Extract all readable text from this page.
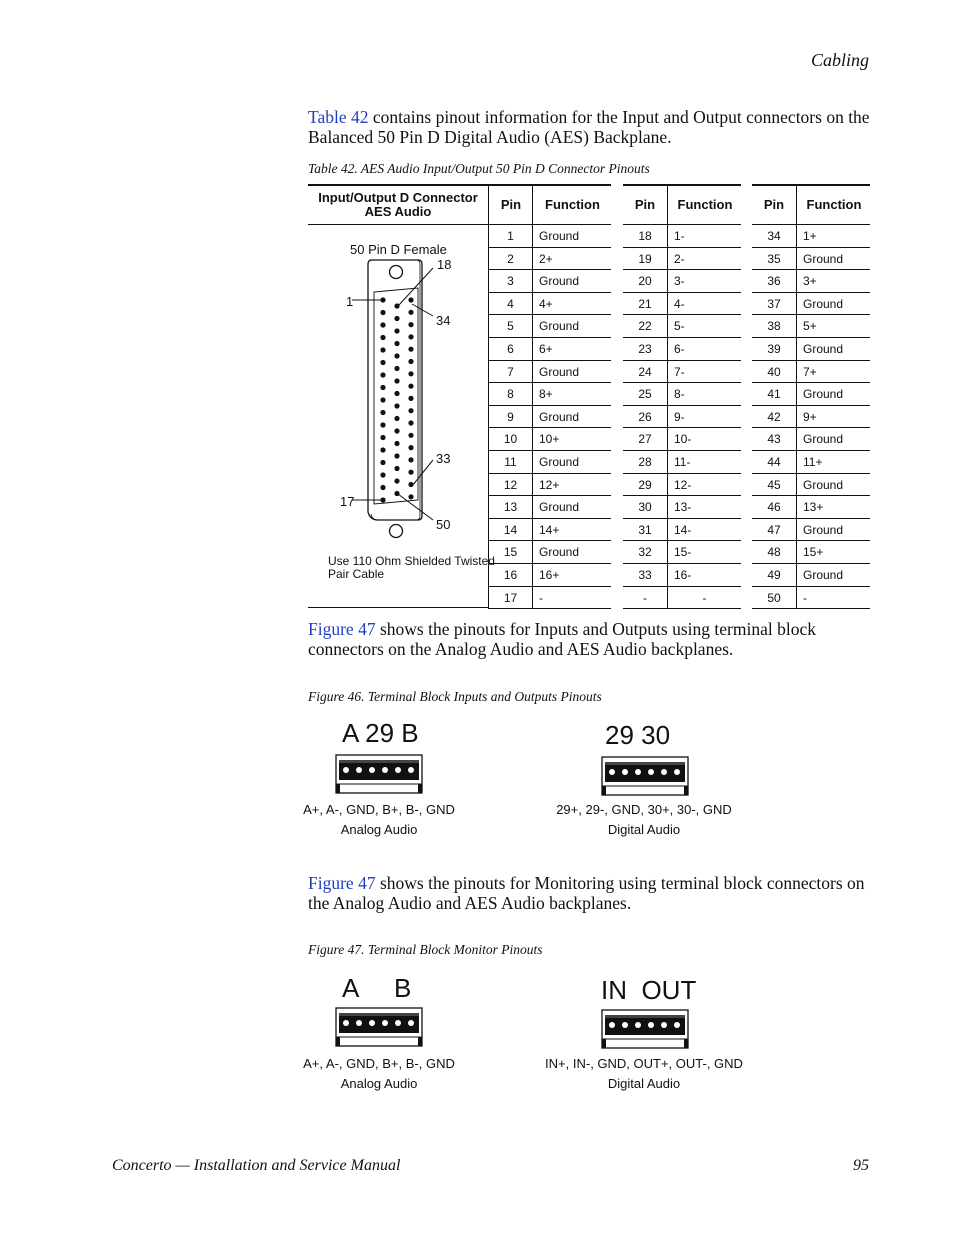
Cabling
Table 42 contains pinout information for the Input and Output connectors on the Balanced 50 Pin D Digital Audio (AES) Backplane.
Table 42. AES Audio Input/Output 50 Pin D Connector Pinouts
Input/Output D Connector
AES Audio	Pin	Function	Pin	Function	Pin	Function
1	Ground	18	1-	34	1+
2	2+	19	2-	35	Ground
3	Ground	20	3-	36	3+
4	4+	21	4-	37	Ground
5	Ground	22	5-	38	5+
6	6+	23	6-	39	Ground
7	Ground	24	7-	40	7+
8	8+	25	8-	41	Ground
9	Ground	26	9-	42	9+
10	10+	27	10-	43	Ground
11	Ground	28	11-	44	11+
12	12+	29	12-	45	Ground
13	Ground	30	13-	46	13+
14	14+	31	14-	47	Ground
15	Ground	32	15-	48	15+
16	16+	33	16-	49	Ground
17	-	-	-	50	-
50 Pin D Female
18
1
34
33
17
50
Use 110 Ohm Shielded Twisted
Pair Cable
Figure 47 shows the pinouts for Inputs and Outputs using terminal block connectors on the Analog Audio and AES Audio backplanes.
Figure 46. Terminal Block Inputs and Outputs Pinouts
A 29 B
A+, A-, GND, B+, B-, GND
Analog Audio
29 30
29+, 29-, GND, 30+, 30-, GND
Digital Audio
Figure 47 shows the pinouts for Monitoring using terminal block connectors on the Analog Audio and AES Audio backplanes.
Figure 47. Terminal Block Monitor Pinouts
A     B
A+, A-, GND, B+, B-, GND
Analog Audio
IN  OUT
IN+, IN-, GND, OUT+, OUT-, GND
Digital Audio
Concerto — Installation and Service Manual	95
